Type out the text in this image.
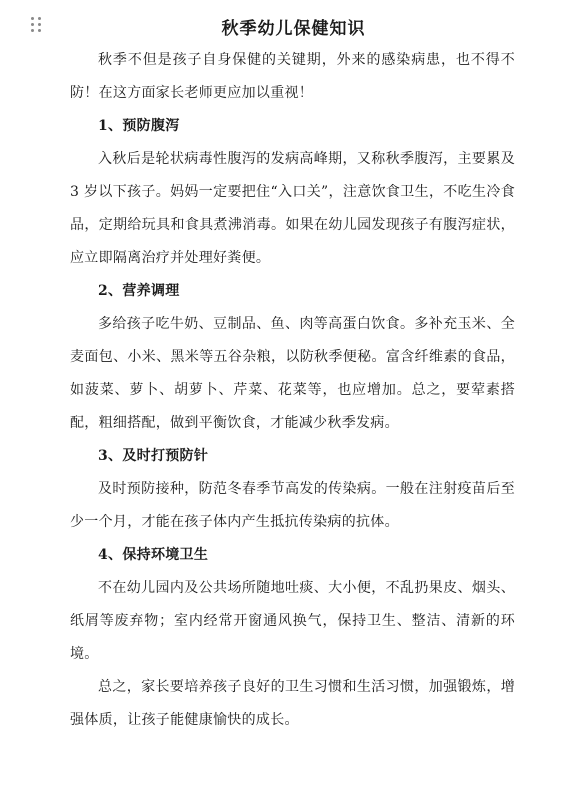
秋季幼儿保健知识

秋季不但是孩子自身保健的关键期，外来的感染病患，也不得不防！在这方面家长老师更应加以重视！

1、预防腹泻

入秋后是轮状病毒性腹泻的发病高峰期，又称秋季腹泻，主要累及 3 岁以下孩子。妈妈一定要把住“入口关”，注意饮食卫生，不吃生冷食品，定期给玩具和食具煮沸消毒。如果在幼儿园发现孩子有腹泻症状，应立即隔离治疗并处理好粪便。

2、营养调理

多给孩子吃牛奶、豆制品、鱼、肉等高蛋白饮食。多补充玉米、全麦面包、小米、黑米等五谷杂粮，以防秋季便秘。富含纤维素的食品，如菠菜、萝卜、胡萝卜、芹菜、花菜等，也应增加。总之，要荤素搭配，粗细搭配，做到平衡饮食，才能减少秋季发病。

3、及时打预防针

及时预防接种，防范冬春季节高发的传染病。一般在注射疫苗后至少一个月，才能在孩子体内产生抵抗传染病的抗体。

4、保持环境卫生

不在幼儿园内及公共场所随地吐痰、大小便，不乱扔果皮、烟头、纸屑等废弃物；室内经常开窗通风换气，保持卫生、整洁、清新的环境。

总之，家长要培养孩子良好的卫生习惯和生活习惯，加强锻炼，增强体质，让孩子能健康愉快的成长。
